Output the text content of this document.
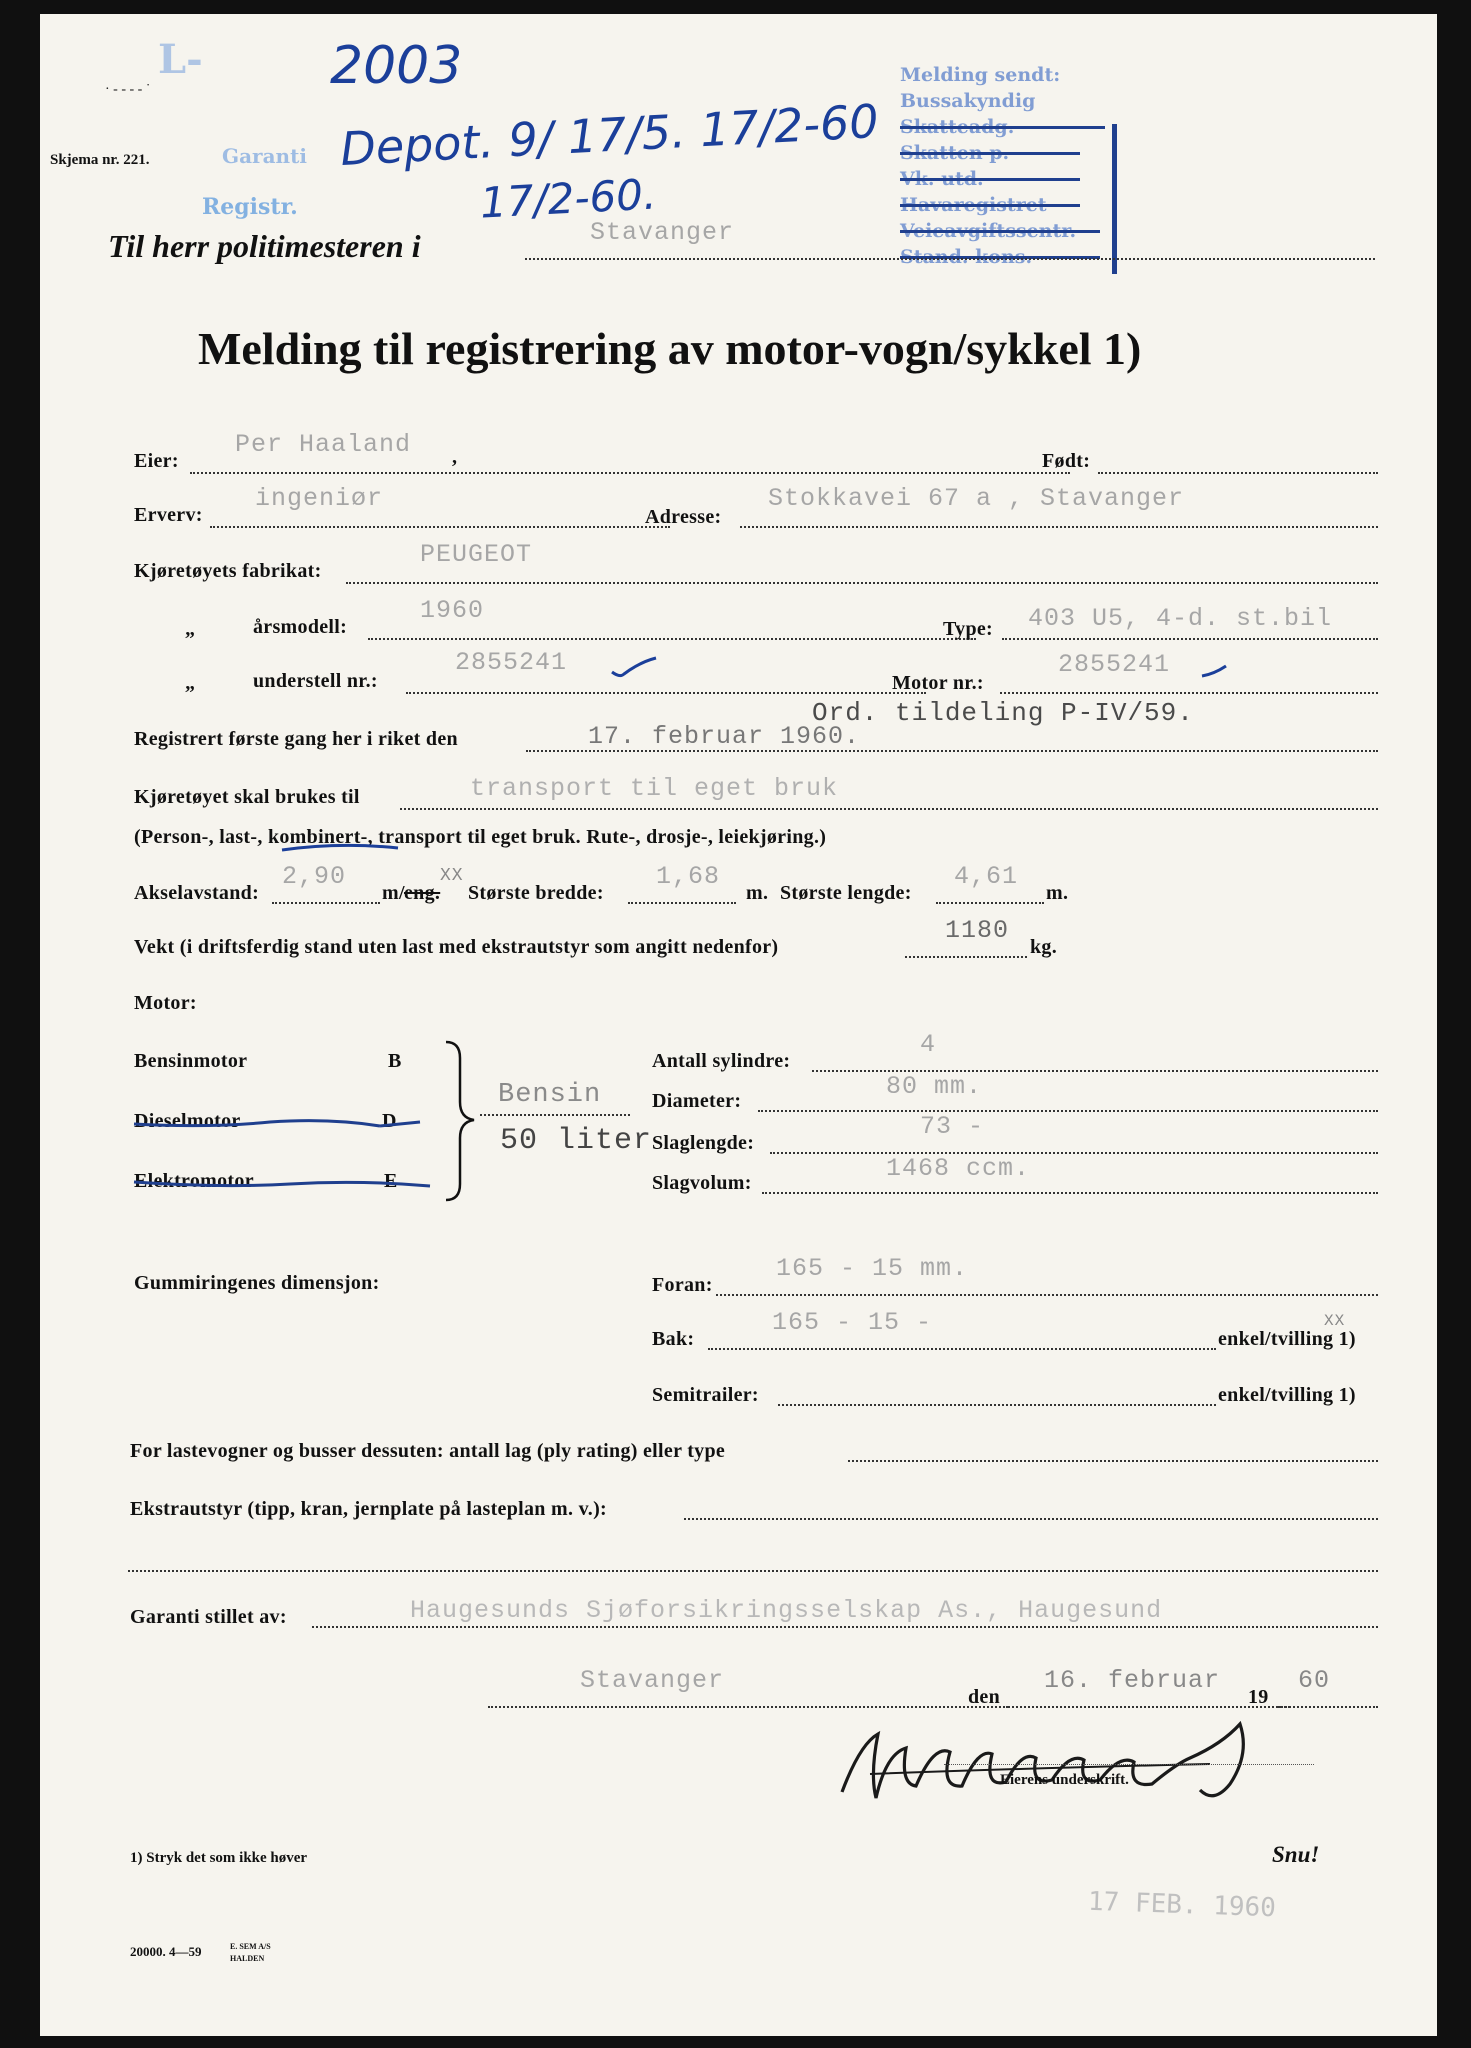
L-
Garanti
Registr.
Skjema nr. 221.
· ‑ ‑ ‑ ‑ ˙	2003
Depot. 9/ 17/5. 17/2-60
17/2-60.
Melding sendt:
Bussakyndig
Skatteadg.
Skatten p.
Vk. utd.
Havaregistret
Veieavgiftssentr.
Stand. kons.
Til herr politimesteren i	Stavanger
Melding til registrering av motor-vogn/sykkel 1)
Eier:
Per Haaland ,	Født:
Erverv:
ingeniør
Adresse:
Stokkavei 67 a , Stavanger
Kjøretøyets fabrikat:
PEUGEOT
„	årsmodell:
1960
Type: 403 U5, 4-d. st.bil
„	understell nr.:
2855241
Motor nr.:
2855241
Ord. tildeling P-IV/59.
Registrert første gang her i riket den	17. februar 1960.
Kjøretøyet skal brukes til	transport til eget bruk
(Person-, last-, kombinert-, transport til eget bruk. Rute-, drosje-, leiekjøring.)
Akselavstand:
2,90
m/ eng.
XX
Største bredde:
1,68
m. Største lengde:
4,61
m.
Vekt (i driftsferdig stand uten last med ekstrautstyr som angitt nedenfor)
1180
kg.
Motor:
Bensinmotor	B
Dieselmotor	D
Elektromotor	E
Bensin
50 liter
Antall sylindre:
4
Diameter:	80 mm.
Slaglengde:
73 -
Slagvolum:	1468 ccm.
Gummiringenes dimensjon:	Foran:
165 - 15 mm.
Bak:
165 - 15 -
enkel/tvilling 1)
XX
Semitrailer:	enkel/tvilling 1)
For lastevogner og busser dessuten: antall lag (ply rating) eller type
Ekstrautstyr (tipp, kran, jernplate på lasteplan m. v.):
Garanti stillet av:	Haugesunds Sjøforsikringsselskap As., Haugesund
Stavanger
den
16. februar
19
60
Eierens underskrift.
1) Stryk det som ikke høver	Snu!
20000. 4—59	E. SEM A/S
HALDEN
17 FEB. 1960
